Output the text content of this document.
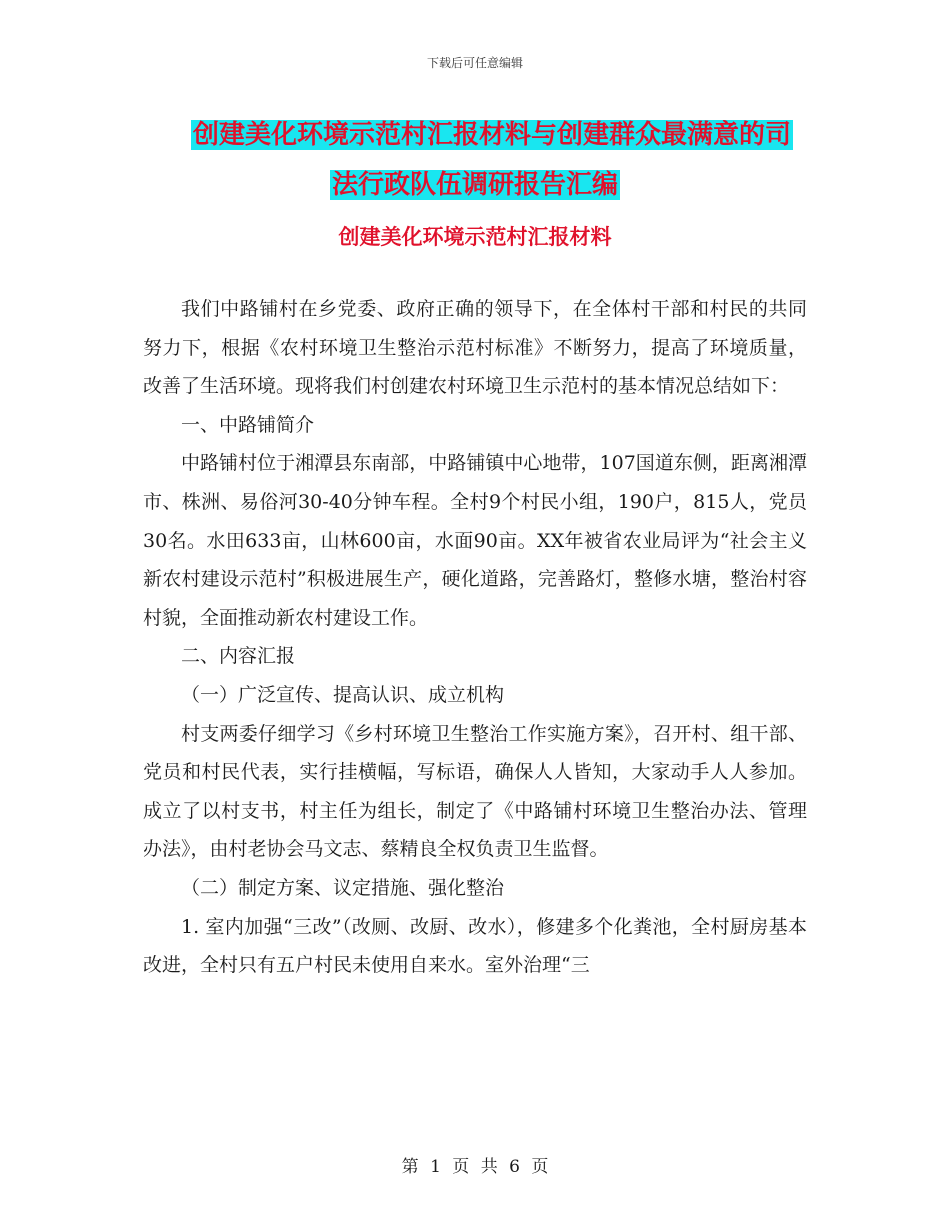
下载后可任意编辑
创建美化环境示范村汇报材料与创建群众最满意的司
法行政队伍调研报告汇编
创建美化环境示范村汇报材料

我们中路铺村在乡党委、政府正确的领导下，在全体村干部和村民的共同努力下，根据《农村环境卫生整治示范村标准》不断努力，提高了环境质量，改善了生活环境。现将我们村创建农村环境卫生示范村的基本情况总结如下：

一、中路铺简介

中路铺村位于湘潭县东南部，中路铺镇中心地带，107国道东侧，距离湘潭市、株洲、易俗河30-40分钟车程。全村9个村民小组，190户，815人，党员30名。水田633亩，山林600亩，水面90亩。XX年被省农业局评为“社会主义新农村建设示范村”积极进展生产，硬化道路，完善路灯，整修水塘，整治村容村貌，全面推动新农村建设工作。

二、内容汇报

（一）广泛宣传、提高认识、成立机构

村支两委仔细学习《乡村环境卫生整治工作实施方案》，召开村、组干部、党员和村民代表，实行挂横幅，写标语，确保人人皆知，大家动手人人参加。成立了以村支书，村主任为组长，制定了《中路铺村环境卫生整治办法、管理办法》，由村老协会马文志、蔡精良全权负责卫生监督。

（二）制定方案、议定措施、强化整治

1. 室内加强“三改”（改厕、改厨、改水），修建多个化粪池，全村厨房基本改进，全村只有五户村民未使用自来水。室外治理“三

第 1 页 共 6 页
